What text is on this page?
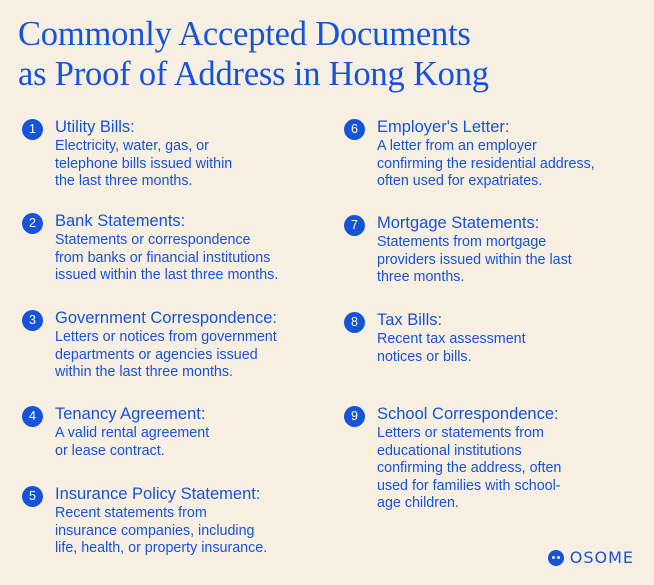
Commonly Accepted Documents
as Proof of Address in Hong Kong
1	Utility Bills:
Electricity, water, gas, or
telephone bills issued within
the last three months.
2	Bank Statements:
Statements or correspondence
from banks or financial institutions
issued within the last three months.
3	Government Correspondence:
Letters or notices from government
departments or agencies issued
within the last three months.
4	Tenancy Agreement:
A valid rental agreement
or lease contract.
5	Insurance Policy Statement:
Recent statements from
insurance companies, including
life, health, or property insurance.
6	Employer's Letter:
A letter from an employer
confirming the residential address,
often used for expatriates.
7	Mortgage Statements:
Statements from mortgage
providers issued within the last
three months.
8	Tax Bills:
Recent tax assessment
notices or bills.
9	School Correspondence:
Letters or statements from
educational institutions
confirming the address, often
used for families with school-
age children.
OSOME
